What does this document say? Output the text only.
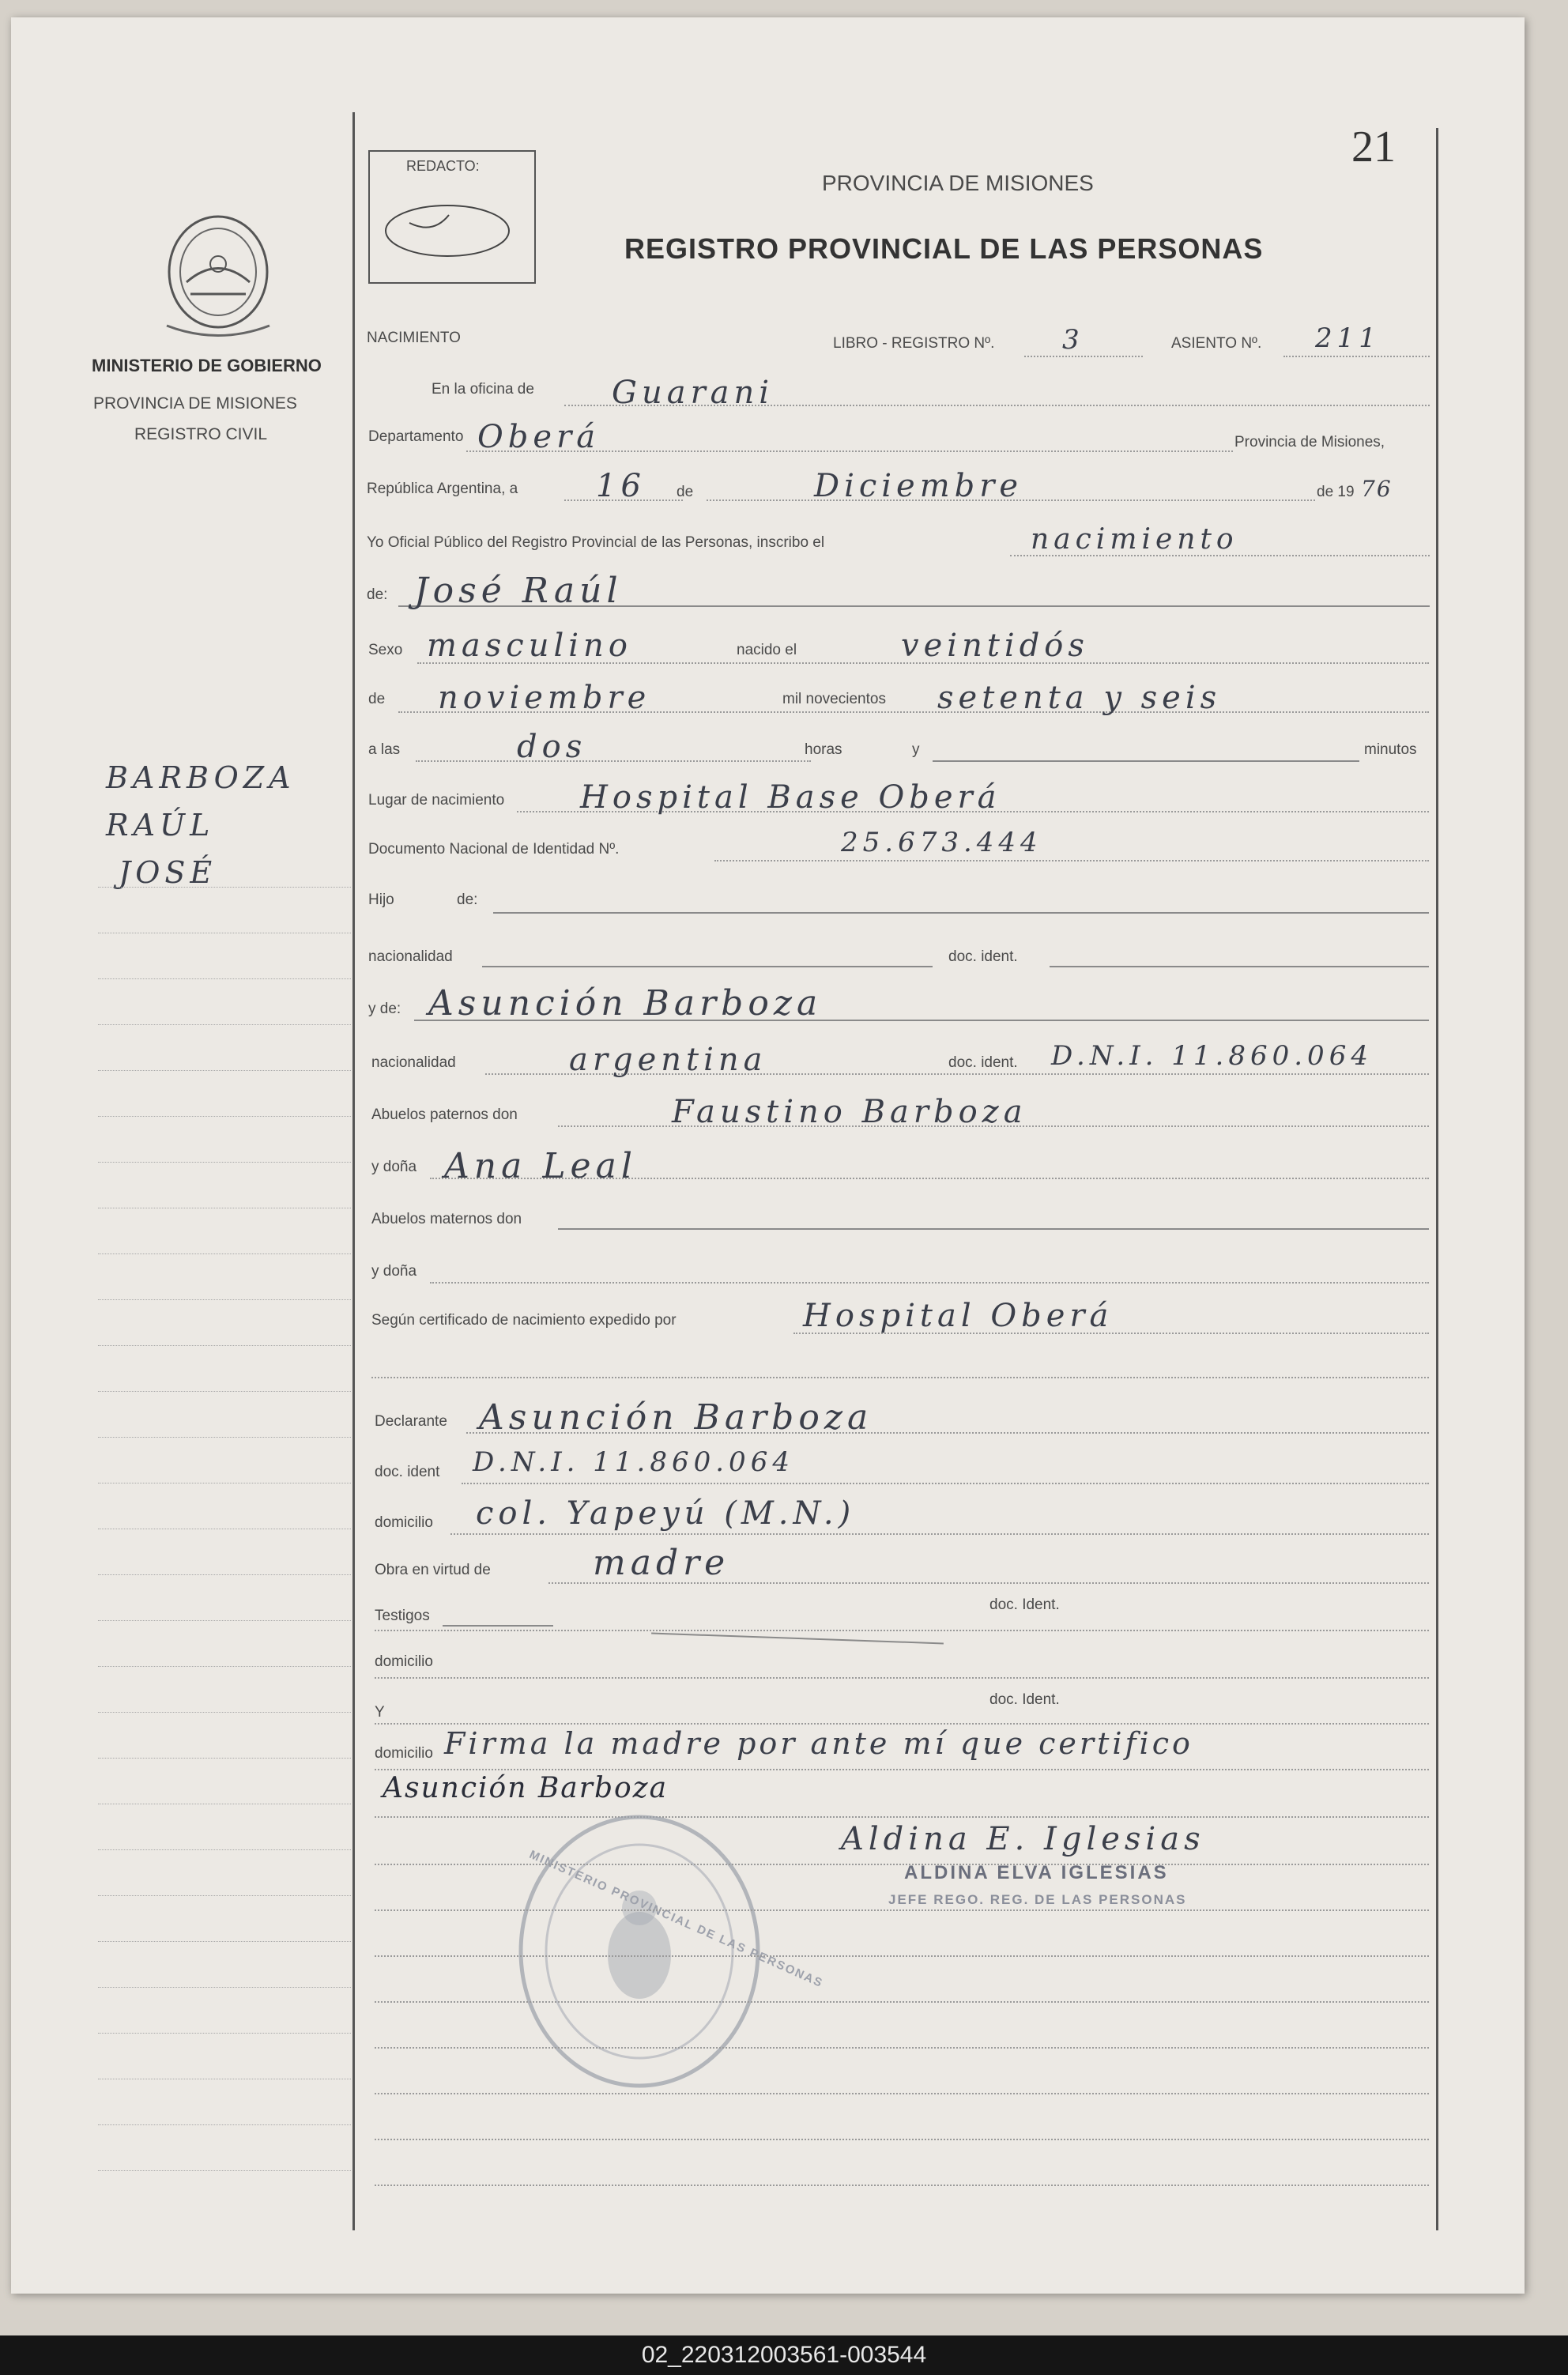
MINISTERIO DE GOBIERNO
PROVINCIA DE MISIONES
REGISTRO CIVIL
BARBOZA
RAÚL
JOSÉ
REDACTO:
PROVINCIA DE MISIONES
REGISTRO PROVINCIAL DE LAS PERSONAS
21
NACIMIENTO	LIBRO - REGISTRO Nº.	3	ASIENTO Nº. 211
En la oficina de Guarani
Departamento Oberá	Provincia de Misiones,
República Argentina, a 16 de	Diciembre	de 19 76
Yo Oficial Público del Registro Provincial de las Personas, inscribo el	nacimiento
de: José Raúl
Sexo masculino	nacido el	veintidós
de noviembre	mil novecientos setenta y seis
a las	dos	horas	y	minutos
Lugar de nacimiento Hospital Base Oberá
Documento Nacional de Identidad Nº.	25.673.444
Hijo	de:
nacionalidad	doc. ident.
y de: Asunción Barboza
nacionalidad	argentina	doc. ident. D.N.I. 11.860.064
Abuelos paternos don	Faustino Barboza
y doña Ana Leal
Abuelos maternos don
y doña
Según certificado de nacimiento expedido por	Hospital Oberá
Declarante Asunción Barboza
doc. ident D.N.I. 11.860.064
domicilio col. Yapeyú (M.N.)
Obra en virtud de	madre
Testigos
doc. Ident.
domicilio
Y
doc. Ident.
domicilio Firma la madre por ante mí que certifico
Asunción Barboza
Aldina E. Iglesias
ALDINA ELVA IGLESIAS
JEFE REGO. REG. DE LAS PERSONAS
MINISTERIO PROVINCIAL DE LAS PERSONAS
02_220312003561-003544
